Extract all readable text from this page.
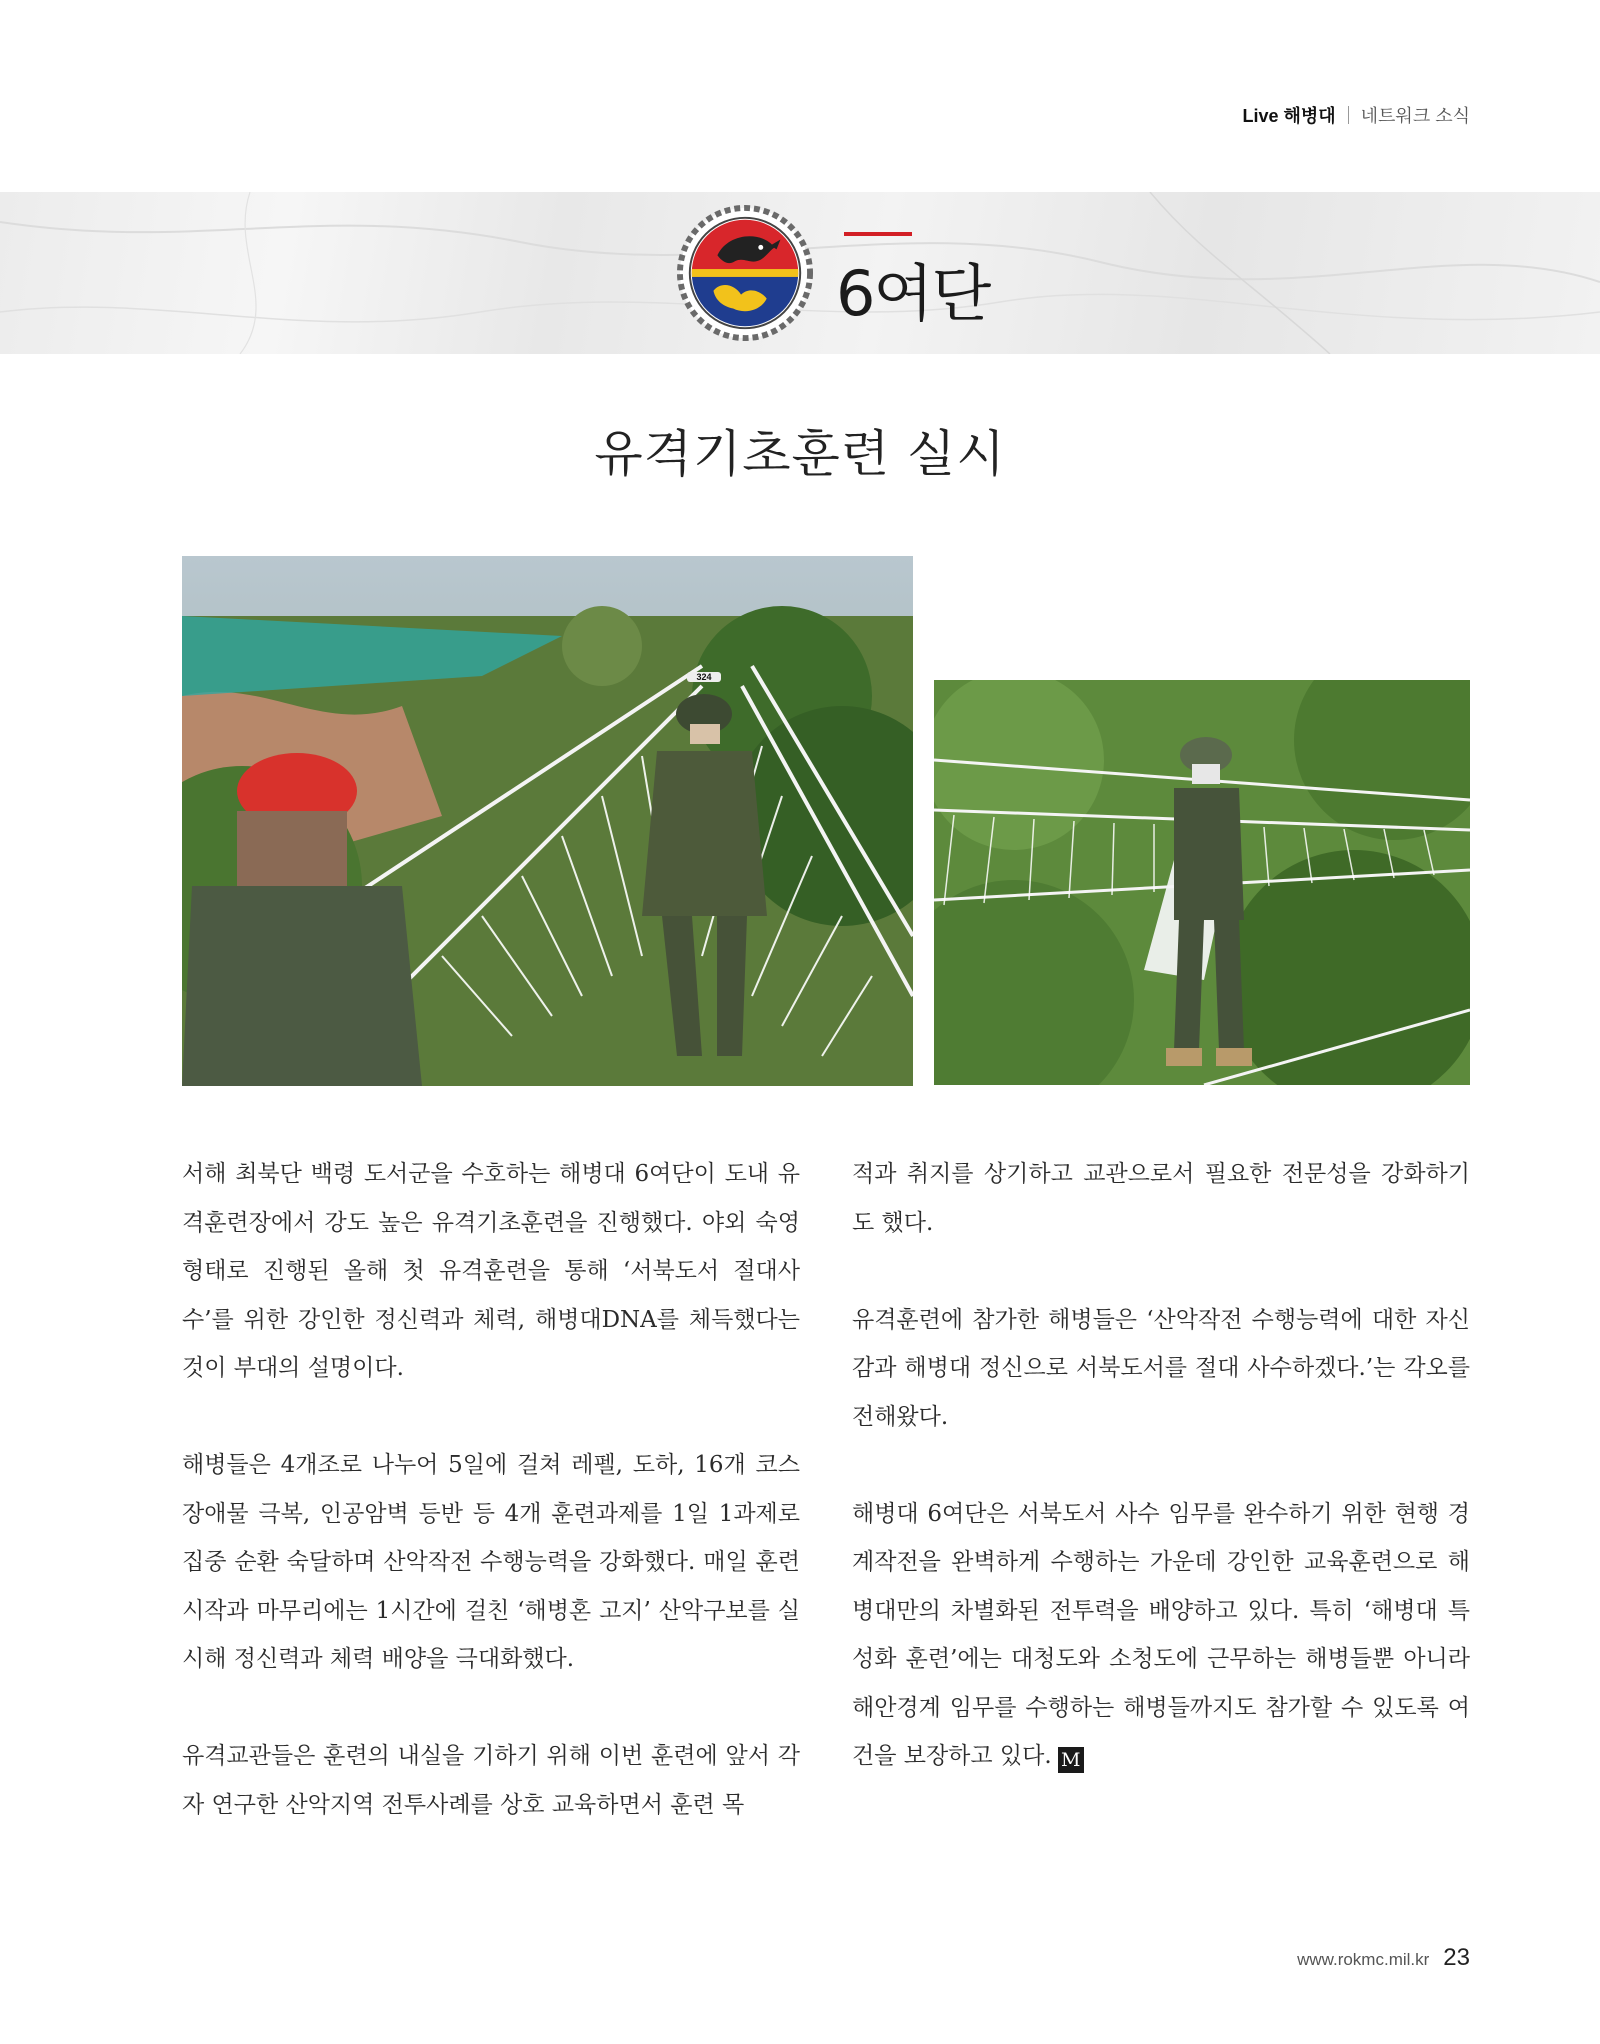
Live 해병대 네트워크 소식
6여단
유격기초훈련 실시
324

서해 최북단 백령 도서군을 수호하는 해병대 6여단이 도내 유격훈련장에서 강도 높은 유격기초훈련을 진행했다. 야외 숙영 형태로 진행된 올해 첫 유격훈련을 통해 ‘서북도서 절대사수’를 위한 강인한 정신력과 체력, 해병대DNA를 체득했다는 것이 부대의 설명이다.

해병들은 4개조로 나누어 5일에 걸쳐 레펠, 도하, 16개 코스 장애물 극복, 인공암벽 등반 등 4개 훈련과제를 1일 1과제로 집중 순환 숙달하며 산악작전 수행능력을 강화했다. 매일 훈련 시작과 마무리에는 1시간에 걸친 ‘해병혼 고지’ 산악구보를 실시해 정신력과 체력 배양을 극대화했다.

유격교관들은 훈련의 내실을 기하기 위해 이번 훈련에 앞서 각자 연구한 산악지역 전투사례를 상호 교육하면서 훈련 목

적과 취지를 상기하고 교관으로서 필요한 전문성을 강화하기도 했다.

유격훈련에 참가한 해병들은 ‘산악작전 수행능력에 대한 자신감과 해병대 정신으로 서북도서를 절대 사수하겠다.’는 각오를 전해왔다.

해병대 6여단은 서북도서 사수 임무를 완수하기 위한 현행 경계작전을 완벽하게 수행하는 가운데 강인한 교육훈련으로 해병대만의 차별화된 전투력을 배양하고 있다. 특히 ‘해병대 특성화 훈련’에는 대청도와 소청도에 근무하는 해병들뿐 아니라 해안경계 임무를 수행하는 해병들까지도 참가할 수 있도록 여건을 보장하고 있다. M

www.rokmc.mil.kr 23
